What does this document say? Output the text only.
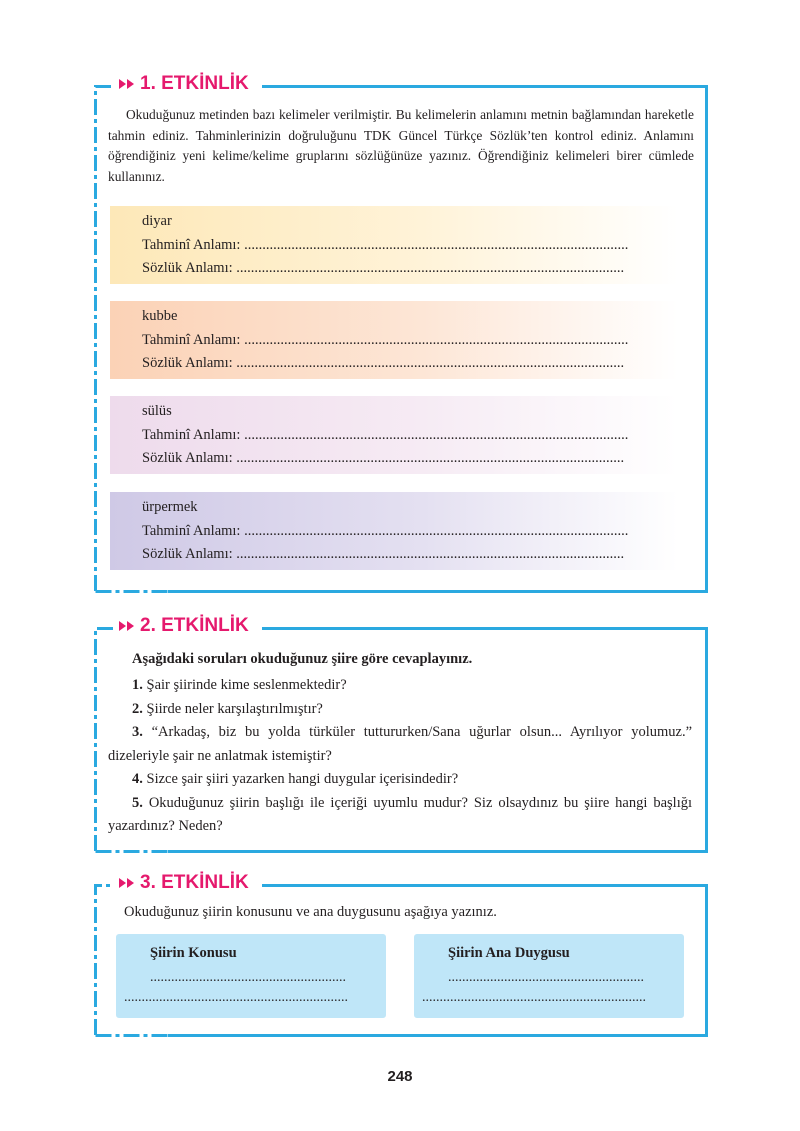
1. ETKİNLİK
Okuduğunuz metinden bazı kelimeler verilmiştir. Bu kelimelerin anlamını metnin bağlamından hareketle tahmin ediniz. Tahminlerinizin doğruluğunu TDK Güncel Türkçe Sözlük’ten kontrol ediniz. Anlamını öğrendiğiniz yeni kelime/kelime gruplarını sözlüğünüze yazınız. Öğrendiğiniz kelimeleri birer cümlede kullanınız.
diyar
Tahminî Anlamı: ..........................................................................................................
Sözlük Anlamı: ...........................................................................................................
kubbe
Tahminî Anlamı: ..........................................................................................................
Sözlük Anlamı: ...........................................................................................................
sülüs
Tahminî Anlamı: ..........................................................................................................
Sözlük Anlamı: ...........................................................................................................
ürpermek
Tahminî Anlamı: ..........................................................................................................
Sözlük Anlamı: ...........................................................................................................
2. ETKİNLİK
Aşağıdaki soruları okuduğunuz şiire göre cevaplayınız.

1. Şair şiirinde kime seslenmektedir?

2. Şiirde neler karşılaştırılmıştır?

3. “Arkadaş, biz bu yolda türküler tuttururken/Sana uğurlar olsun... Ayrılıyor yolumuz.” dizeleriyle şair ne anlatmak istemiştir?

4. Sizce şair şiiri yazarken hangi duygular içerisindedir?

5. Okuduğunuz şiirin başlığı ile içeriği uyumlu mudur? Siz olsaydınız bu şiire hangi başlığı yazardınız? Neden?

3. ETKİNLİK
Okuduğunuz şiirin konusunu ve ana duygusunu aşağıya yazınız.
Şiirin Konusu
........................................................
................................................................
Şiirin Ana Duygusu
........................................................
................................................................
248
